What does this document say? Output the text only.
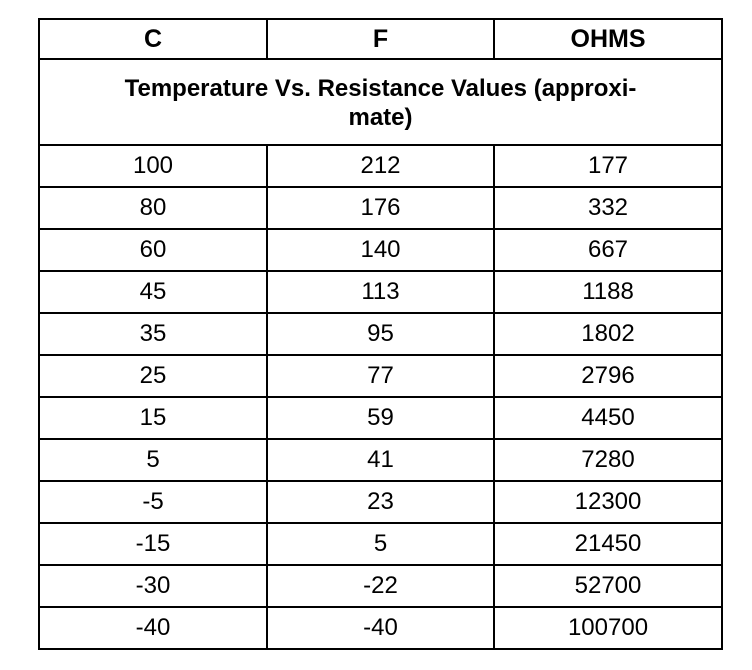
C	F	OHMS
Temperature Vs. Resistance Values (approxi-
mate)		
100	212	177
80	176	332
60	140	667
45	113	1188
35	95	1802
25	77	2796
15	59	4450
5	41	7280
-5	23	12300
-15	5	21450
-30	-22	52700
-40	-40	100700
